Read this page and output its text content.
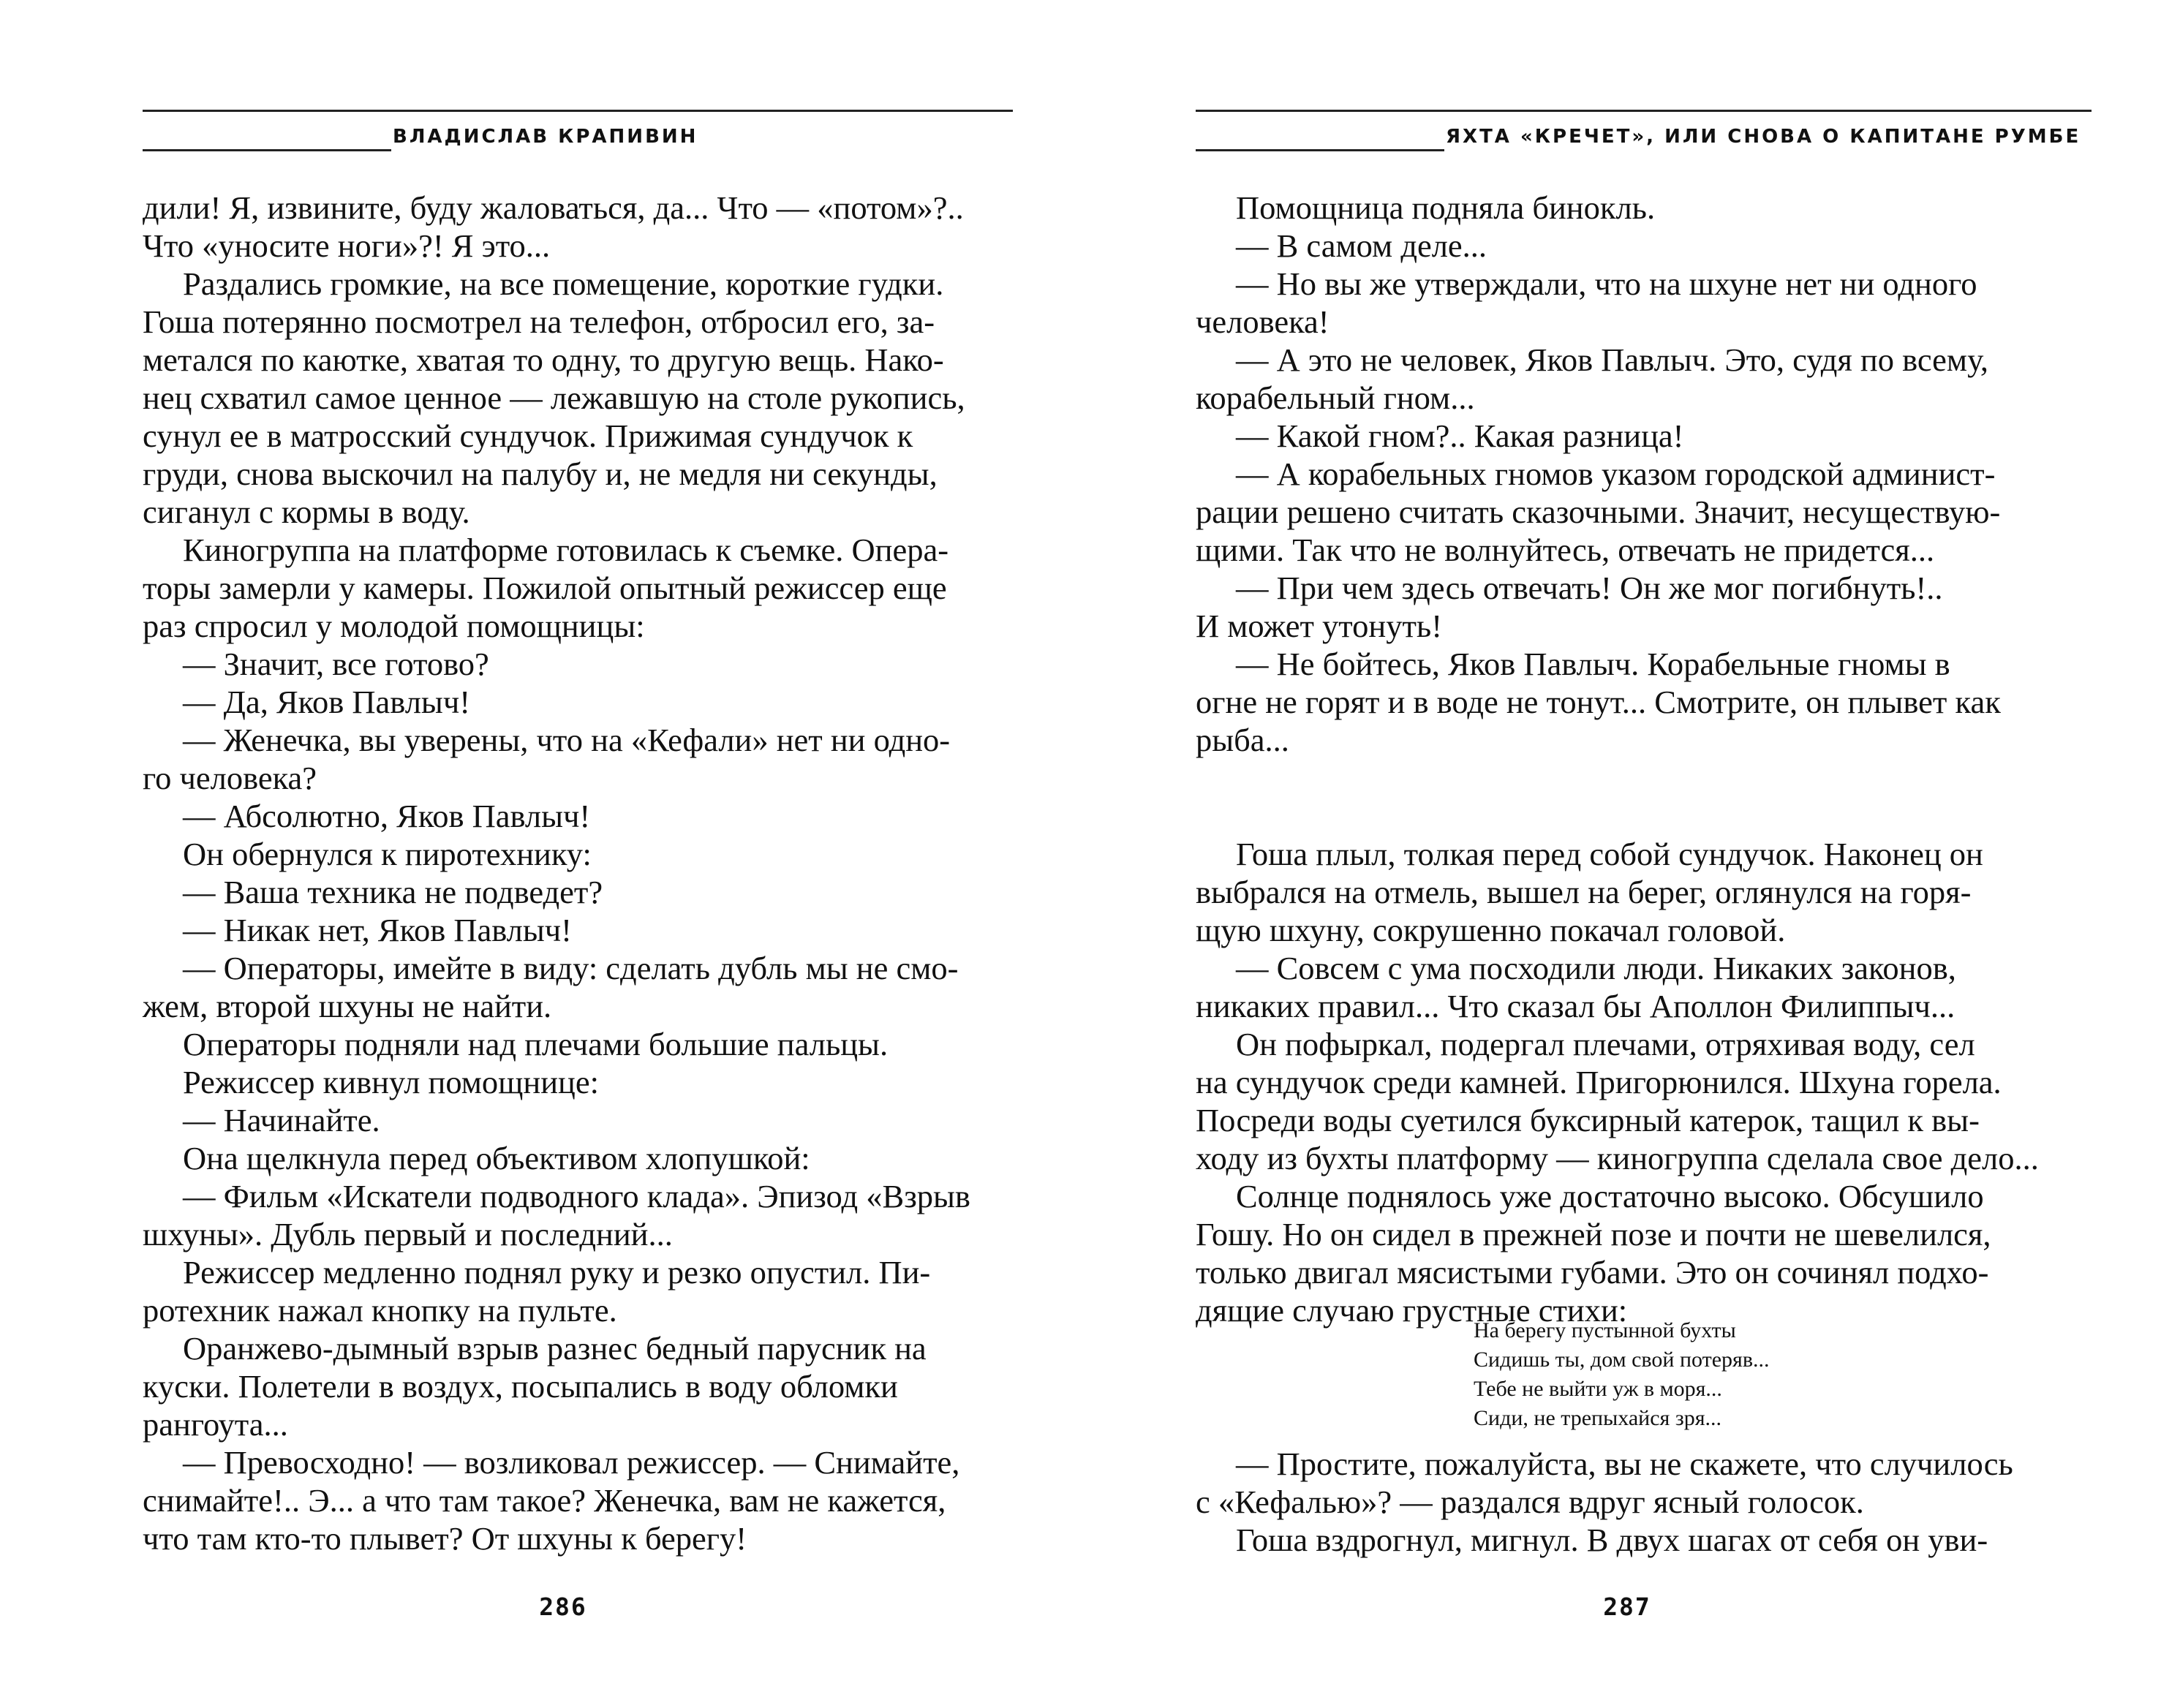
ВЛАДИСЛАВ КРАПИВИН

дили! Я, извините, буду жаловаться, да... Что — «потом»?..

Что «уносите ноги»?! Я это...

Раздались громкие, на все помещение, короткие гудки.

Гоша потерянно посмотрел на телефон, отбросил его, за-

метался по каютке, хватая то одну, то другую вещь. Нако-

нец схватил самое ценное — лежавшую на столе рукопись,

сунул ее в матросский сундучок. Прижимая сундучок к

груди, снова выскочил на палубу и, не медля ни секунды,

сиганул с кормы в воду.

Киногруппа на платформе готовилась к съемке. Опера-

торы замерли у камеры. Пожилой опытный режиссер еще

раз спросил у молодой помощницы:

— Значит, все готово?

— Да, Яков Павлыч!

— Женечка, вы уверены, что на «Кефали» нет ни одно-

го человека?

— Абсолютно, Яков Павлыч!

Он обернулся к пиротехнику:

— Ваша техника не подведет?

— Никак нет, Яков Павлыч!

— Операторы, имейте в виду: сделать дубль мы не смо-

жем, второй шхуны не найти.

Операторы подняли над плечами большие пальцы.

Режиссер кивнул помощнице:

— Начинайте.

Она щелкнула перед объективом хлопушкой:

— Фильм «Искатели подводного клада». Эпизод «Взрыв

шхуны». Дубль первый и последний...

Режиссер медленно поднял руку и резко опустил. Пи-

ротехник нажал кнопку на пульте.

Оранжево-дымный взрыв разнес бедный парусник на

куски. Полетели в воздух, посыпались в воду обломки

рангоута...

— Превосходно! — возликовал режиссер. — Снимайте,

снимайте!.. Э... а что там такое? Женечка, вам не кажется,

что там кто-то плывет? От шхуны к берегу!

286
ЯХТА «КРЕЧЕТ», ИЛИ СНОВА О КАПИТАНЕ РУМБЕ

Помощница подняла бинокль.

— В самом деле...

— Но вы же утверждали, что на шхуне нет ни одного

человека!

— А это не человек, Яков Павлыч. Это, судя по всему,

корабельный гном...

— Какой гном?.. Какая разница!

— А корабельных гномов указом городской админист-

рации решено считать сказочными. Значит, несуществую-

щими. Так что не волнуйтесь, отвечать не придется...

— При чем здесь отвечать! Он же мог погибнуть!..

И может утонуть!

— Не бойтесь, Яков Павлыч. Корабельные гномы в

огне не горят и в воде не тонут... Смотрите, он плывет как

рыба...

Гоша плыл, толкая перед собой сундучок. Наконец он

выбрался на отмель, вышел на берег, оглянулся на горя-

щую шхуну, сокрушенно покачал головой.

— Совсем с ума посходили люди. Никаких законов,

никаких правил... Что сказал бы Аполлон Филиппыч...

Он пофыркал, подергал плечами, отряхивая воду, сел

на сундучок среди камней. Пригорюнился. Шхуна горела.

Посреди воды суетился буксирный катерок, тащил к вы-

ходу из бухты платформу — киногруппа сделала свое дело...

Солнце поднялось уже достаточно высоко. Обсушило

Гошу. Но он сидел в прежней позе и почти не шевелился,

только двигал мясистыми губами. Это он сочинял подхо-

дящие случаю грустные стихи:

На берегу пустынной бухты
Сидишь ты, дом свой потеряв...
Тебе не выйти уж в моря...
Сиди, не трепыхайся зря...

— Простите, пожалуйста, вы не скажете, что случилось

с «Кефалью»? — раздался вдруг ясный голосок.

Гоша вздрогнул, мигнул. В двух шагах от себя он уви-

287
